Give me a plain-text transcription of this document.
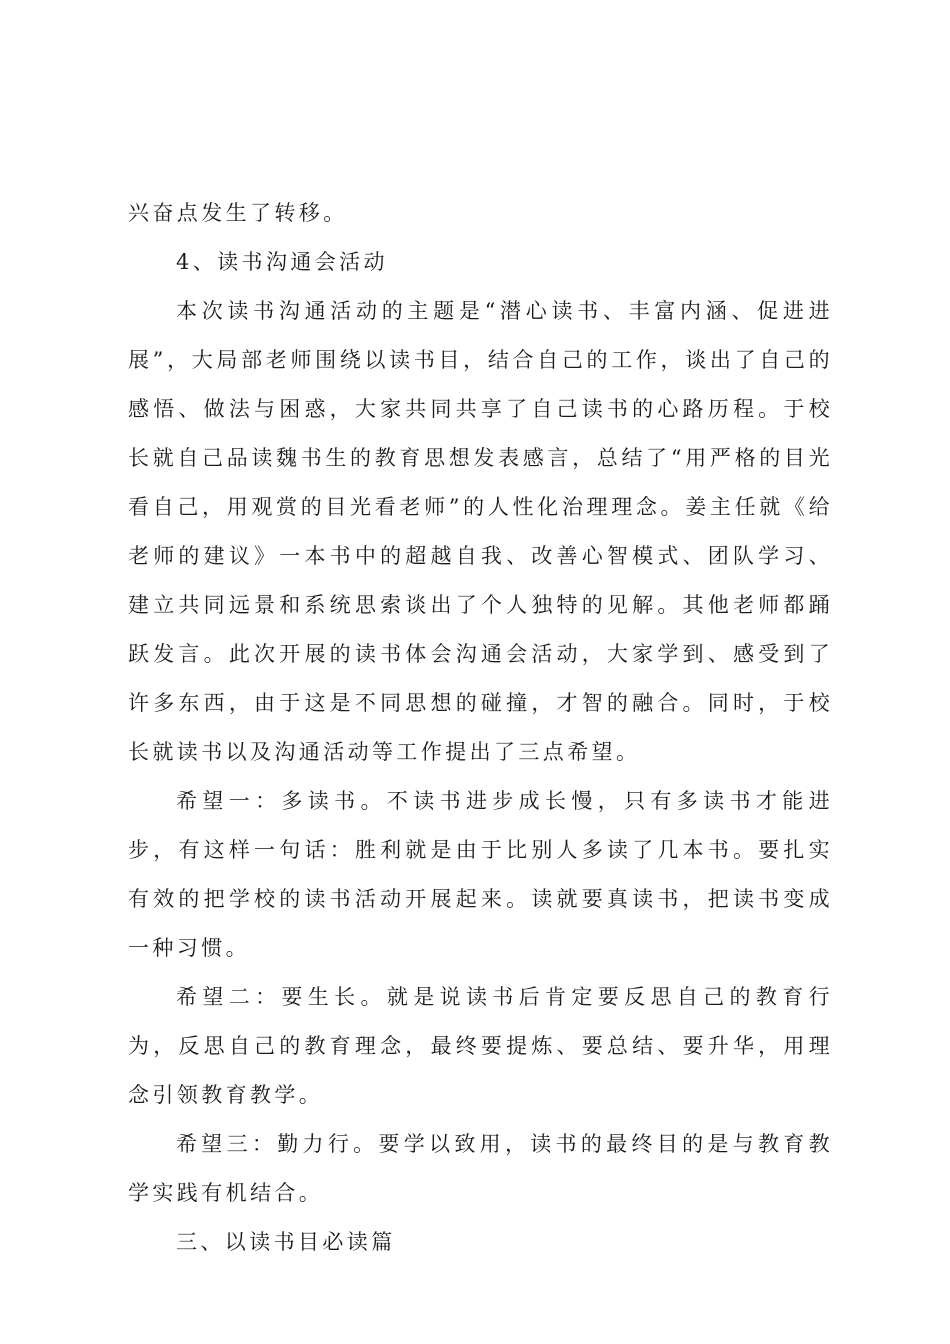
兴奋点发生了转移。

4、读书沟通会活动

本次读书沟通活动的主题是“潜心读书、丰富内涵、促进进展”，大局部老师围绕以读书目，结合自己的工作，谈出了自己的感悟、做法与困惑，大家共同共享了自己读书的心路历程。于校长就自己品读魏书生的教育思想发表感言，总结了“用严格的目光看自己，用观赏的目光看老师”的人性化治理理念。姜主任就《给老师的建议》一本书中的超越自我、改善心智模式、团队学习、建立共同远景和系统思索谈出了个人独特的见解。其他老师都踊跃发言。此次开展的读书体会沟通会活动，大家学到、感受到了许多东西，由于这是不同思想的碰撞，才智的融合。同时，于校长就读书以及沟通活动等工作提出了三点希望。

希望一：多读书。不读书进步成长慢，只有多读书才能进步，有这样一句话：胜利就是由于比别人多读了几本书。要扎实有效的把学校的读书活动开展起来。读就要真读书，把读书变成一种习惯。

希望二：要生长。就是说读书后肯定要反思自己的教育行为，反思自己的教育理念，最终要提炼、要总结、要升华，用理念引领教育教学。

希望三：勤力行。要学以致用，读书的最终目的是与教育教学实践有机结合。

三、以读书目必读篇
